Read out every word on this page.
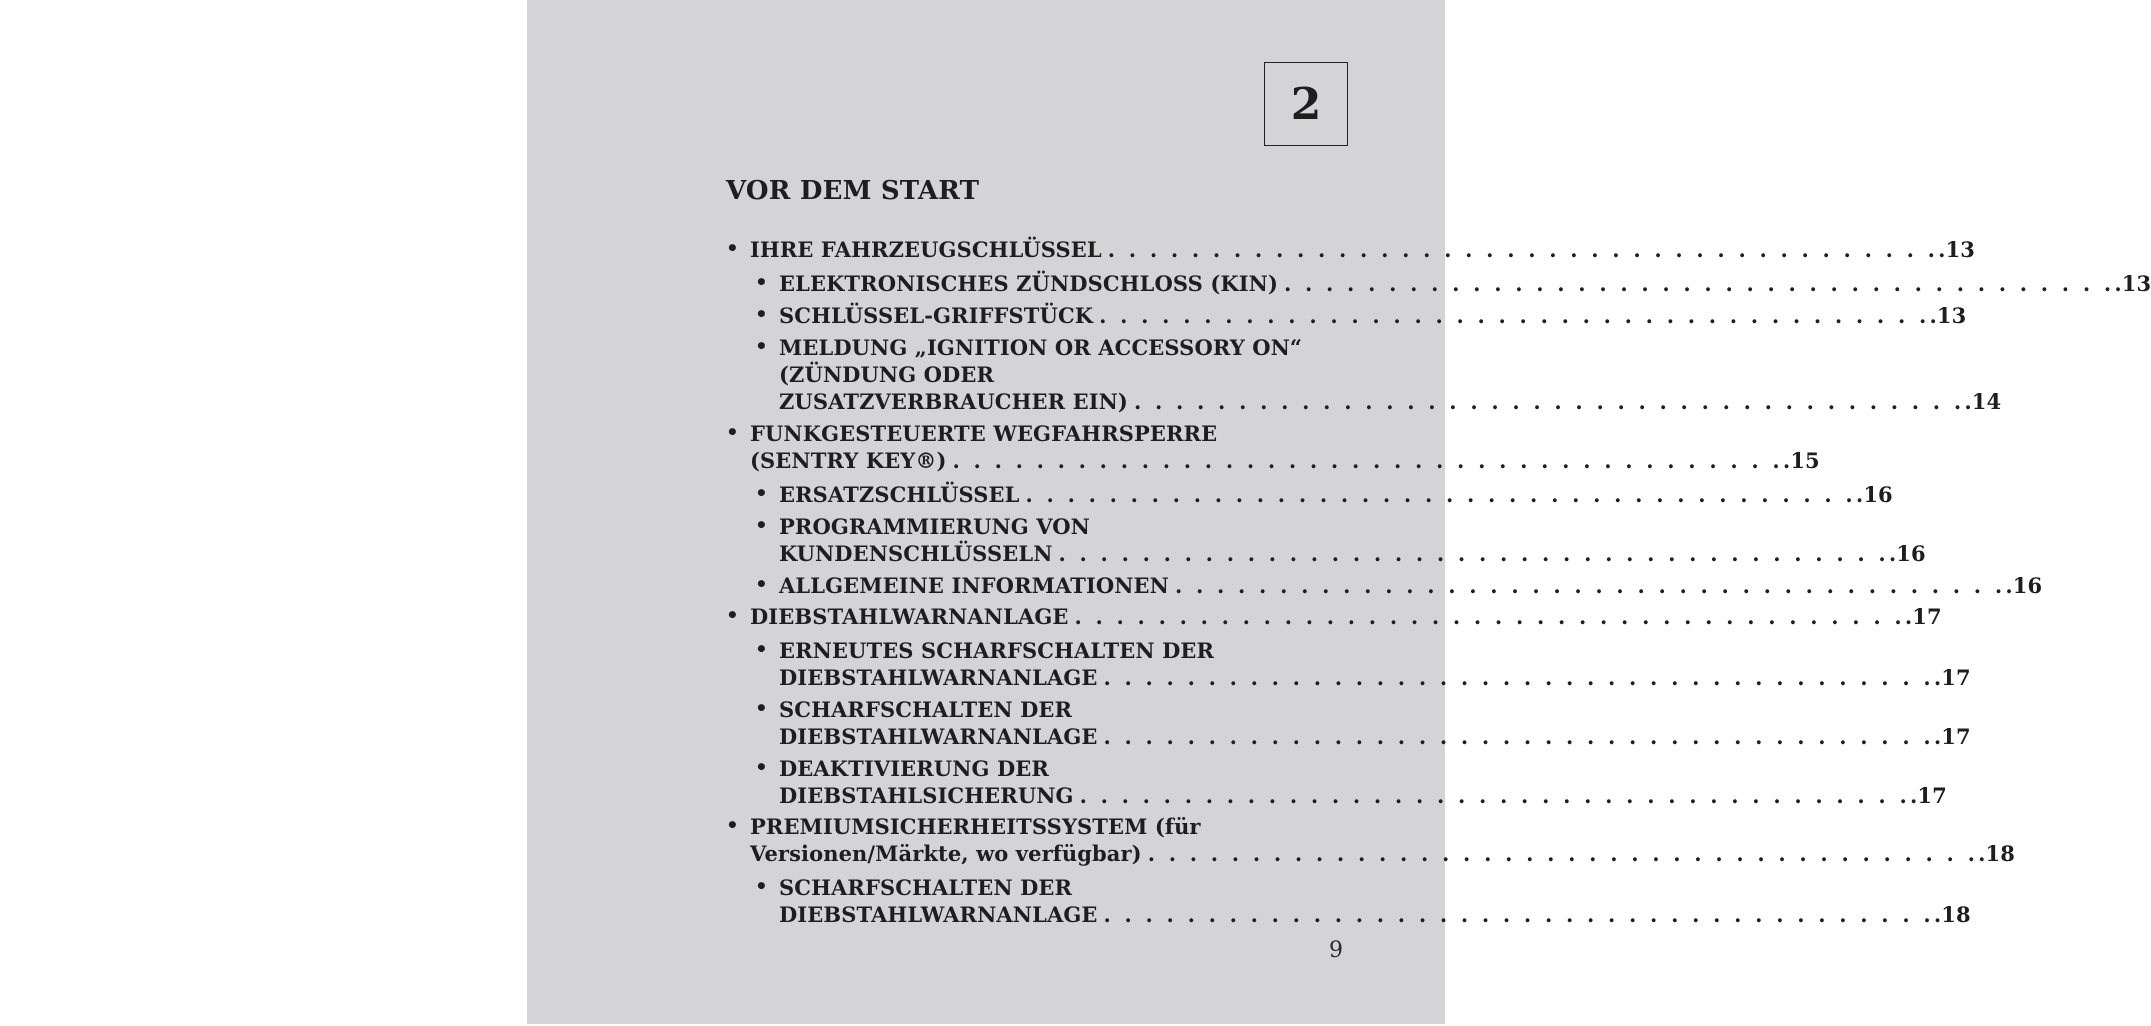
2
VOR DEM START
• IHRE FAHRZEUGSCHLÜSSEL . . . . . . . . . . . . . . . . . . . . . . . . . . . . . . . . . . . . . . . . .13
• ELEKTRONISCHES ZÜNDSCHLOSS (KIN) . . . . . . . . . . . . . . . . . . . . . . . . . . . . . . . . . . . . . . . . .13
• SCHLÜSSEL-GRIFFSTÜCK . . . . . . . . . . . . . . . . . . . . . . . . . . . . . . . . . . . . . . . . .13
• MELDUNG „IGNITION OR ACCESSORY ON“
(ZÜNDUNG ODER
ZUSATZVERBRAUCHER EIN) . . . . . . . . . . . . . . . . . . . . . . . . . . . . . . . . . . . . . . . . .14
• FUNKGESTEUERTE WEGFAHRSPERRE
(SENTRY KEY®) . . . . . . . . . . . . . . . . . . . . . . . . . . . . . . . . . . . . . . . . .15
• ERSATZSCHLÜSSEL . . . . . . . . . . . . . . . . . . . . . . . . . . . . . . . . . . . . . . . . .16
• PROGRAMMIERUNG VON
KUNDENSCHLÜSSELN . . . . . . . . . . . . . . . . . . . . . . . . . . . . . . . . . . . . . . . . .16
• ALLGEMEINE INFORMATIONEN . . . . . . . . . . . . . . . . . . . . . . . . . . . . . . . . . . . . . . . . .16
• DIEBSTAHLWARNANLAGE . . . . . . . . . . . . . . . . . . . . . . . . . . . . . . . . . . . . . . . . .17
• ERNEUTES SCHARFSCHALTEN DER
DIEBSTAHLWARNANLAGE . . . . . . . . . . . . . . . . . . . . . . . . . . . . . . . . . . . . . . . . .17
• SCHARFSCHALTEN DER
DIEBSTAHLWARNANLAGE . . . . . . . . . . . . . . . . . . . . . . . . . . . . . . . . . . . . . . . . .17
• DEAKTIVIERUNG DER
DIEBSTAHLSICHERUNG . . . . . . . . . . . . . . . . . . . . . . . . . . . . . . . . . . . . . . . . .17
• PREMIUMSICHERHEITSSYSTEM (für
Versionen/Märkte, wo verfügbar) . . . . . . . . . . . . . . . . . . . . . . . . . . . . . . . . . . . . . . . . .18
• SCHARFSCHALTEN DER
DIEBSTAHLWARNANLAGE . . . . . . . . . . . . . . . . . . . . . . . . . . . . . . . . . . . . . . . . .18
9
